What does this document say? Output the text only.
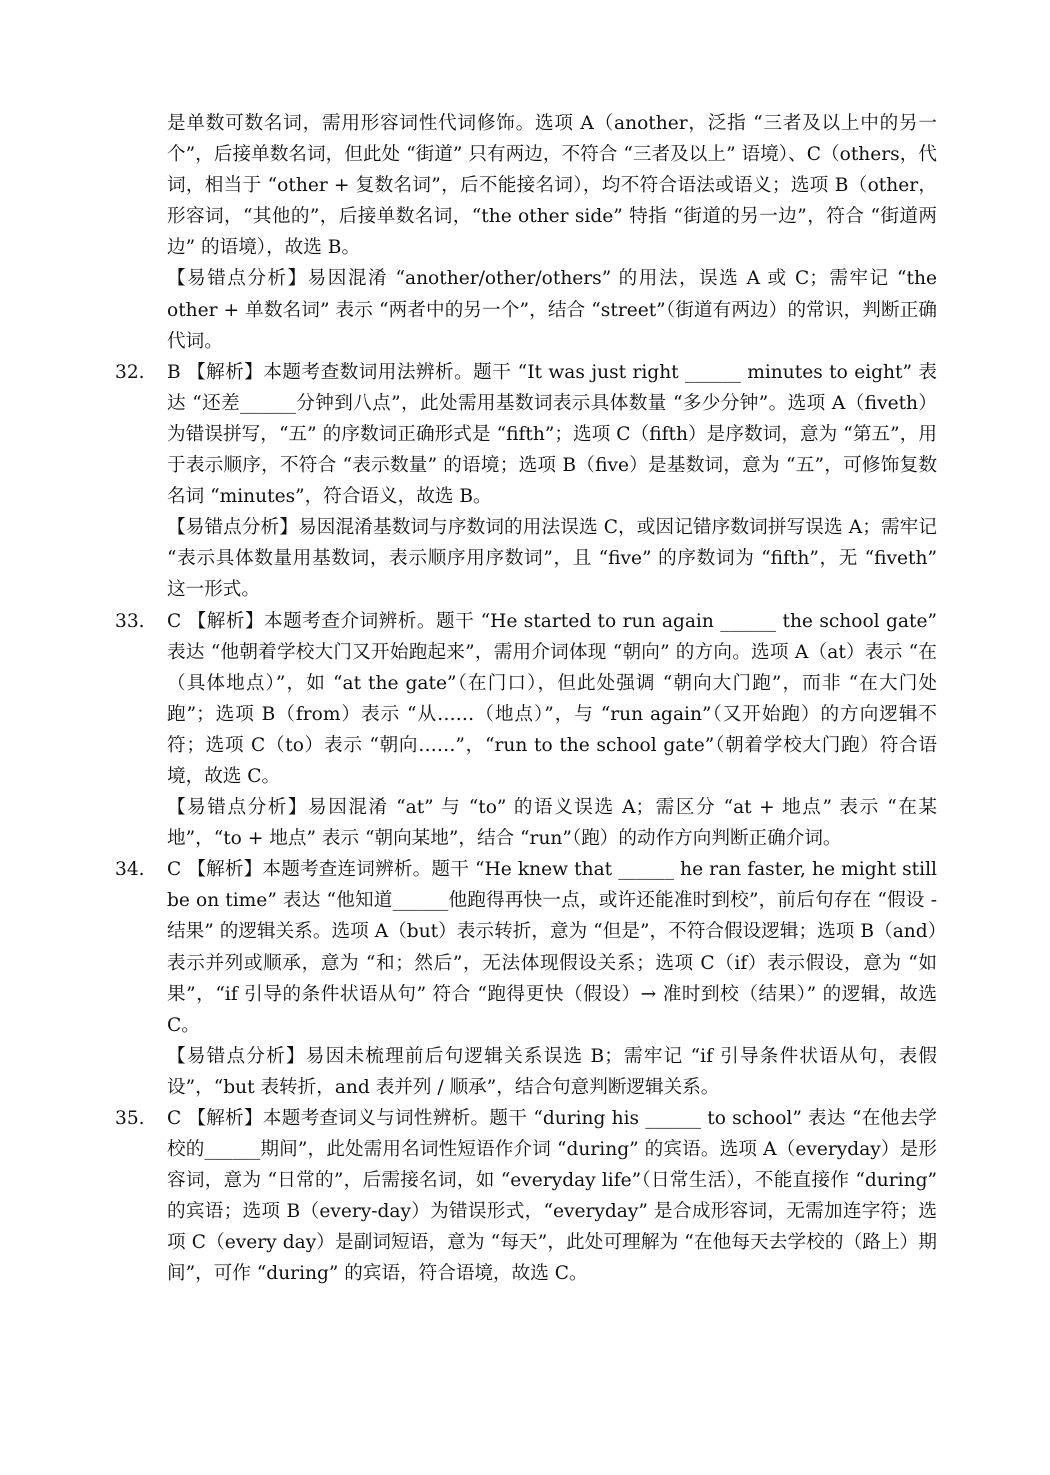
是单数可数名词，需用形容词性代词修饰。选项 A（another，泛指 “三者及以上中的另一个”，后接单数名词，但此处 “街道” 只有两边，不符合 “三者及以上” 语境）、C（others，代词，相当于 “other + 复数名词”，后不能接名词），均不符合语法或语义；选项 B（other，形容词，“其他的”，后接单数名词，“the other side” 特指 “街道的另一边”，符合 “街道两边” 的语境），故选 B。

【易错点分析】易因混淆 “another/other/others” 的用法，误选 A 或 C；需牢记 “the other + 单数名词” 表示 “两者中的另一个”，结合 “street”（街道有两边）的常识，判断正确代词。

32.	B 【解析】本题考查数词用法辨析。题干 “It was just right ______ minutes to eight” 表达 “还差______分钟到八点”，此处需用基数词表示具体数量 “多少分钟”。选项 A（fiveth）为错误拼写，“五” 的序数词正确形式是 “fifth”；选项 C（fifth）是序数词，意为 “第五”，用于表示顺序，不符合 “表示数量” 的语境；选项 B（five）是基数词，意为 “五”，可修饰复数名词 “minutes”，符合语义，故选 B。

【易错点分析】易因混淆基数词与序数词的用法误选 C，或因记错序数词拼写误选 A；需牢记 “表示具体数量用基数词，表示顺序用序数词”，且 “five” 的序数词为 “fifth”，无 “fiveth” 这一形式。

33.	C 【解析】本题考查介词辨析。题干 “He started to run again ______ the school gate” 表达 “他朝着学校大门又开始跑起来”，需用介词体现 “朝向” 的方向。选项 A（at）表示 “在（具体地点）”，如 “at the gate”（在门口），但此处强调 “朝向大门跑”，而非 “在大门处跑”；选项 B（from）表示 “从……（地点）”，与 “run again”（又开始跑）的方向逻辑不符；选项 C（to）表示 “朝向……”，“run to the school gate”（朝着学校大门跑）符合语境，故选 C。

【易错点分析】易因混淆 “at” 与 “to” 的语义误选 A；需区分 “at + 地点” 表示 “在某地”，“to + 地点” 表示 “朝向某地”，结合 “run”（跑）的动作方向判断正确介词。

34.	C 【解析】本题考查连词辨析。题干 “He knew that ______ he ran faster, he might still be on time” 表达 “他知道______他跑得再快一点，或许还能准时到校”，前后句存在 “假设 - 结果” 的逻辑关系。选项 A（but）表示转折，意为 “但是”，不符合假设逻辑；选项 B（and）表示并列或顺承，意为 “和；然后”，无法体现假设关系；选项 C（if）表示假设，意为 “如果”，“if 引导的条件状语从句” 符合 “跑得更快（假设）→ 准时到校（结果）” 的逻辑，故选 C。

【易错点分析】易因未梳理前后句逻辑关系误选 B；需牢记 “if 引导条件状语从句，表假设”，“but 表转折，and 表并列 / 顺承”，结合句意判断逻辑关系。

35.	C 【解析】本题考查词义与词性辨析。题干 “during his ______ to school” 表达 “在他去学校的______期间”，此处需用名词性短语作介词 “during” 的宾语。选项 A（everyday）是形容词，意为 “日常的”，后需接名词，如 “everyday life”（日常生活），不能直接作 “during” 的宾语；选项 B（every-day）为错误形式，“everyday” 是合成形容词，无需加连字符；选项 C（every day）是副词短语，意为 “每天”，此处可理解为 “在他每天去学校的（路上）期间”，可作 “during” 的宾语，符合语境，故选 C。
